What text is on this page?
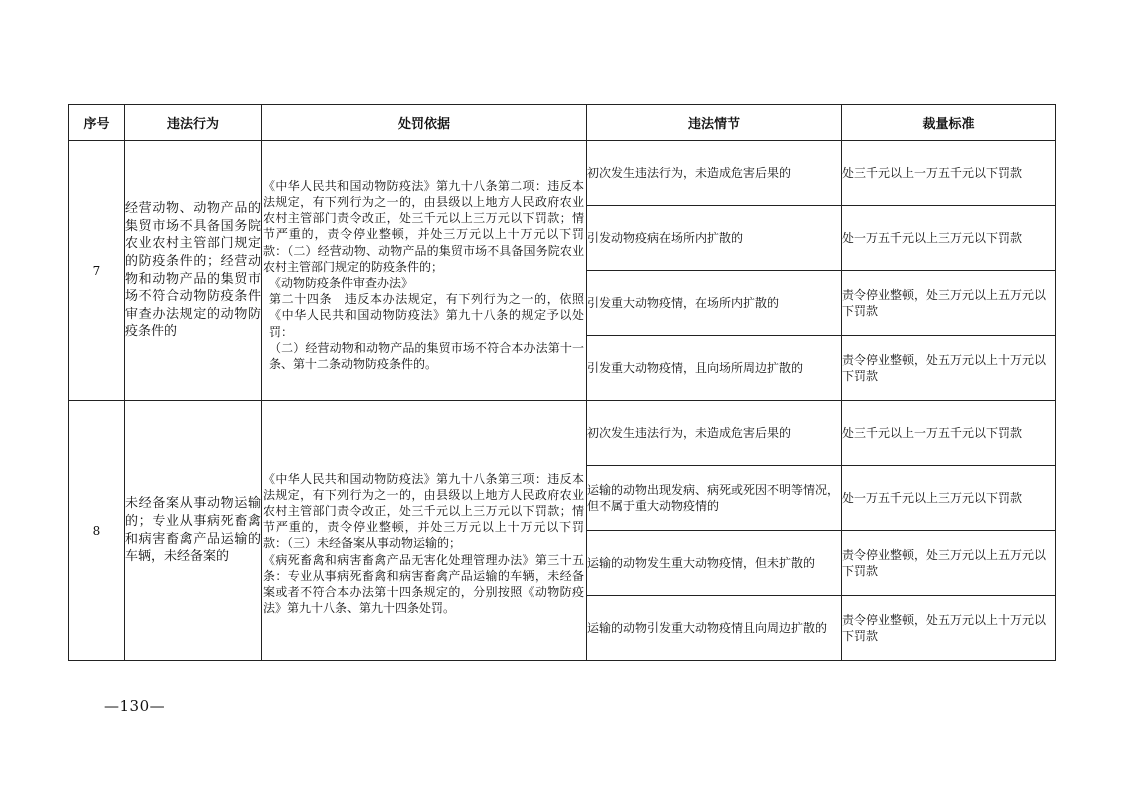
序号	违法行为	处罚依据	违法情节	裁量标准
7	经营动物、动物产品的集贸市场不具备国务院农业农村主管部门规定的防疫条件的；经营动物和动物产品的集贸市场不符合动物防疫条件审查办法规定的动物防疫条件的	《中华人民共和国动物防疫法》第九十八条第二项：违反本法规定，有下列行为之一的，由县级以上地方人民政府农业农村主管部门责令改正，处三千元以上三万元以下罚款；情节严重的，责令停业整顿，并处三万元以上十万元以下罚款：（二）经营动物、动物产品的集贸市场不具备国务院农业农村主管部门规定的防疫条件的；
《动物防疫条件审查办法》
第二十四条　违反本办法规定，有下列行为之一的，依照《中华人民共和国动物防疫法》第九十八条的规定予以处罚：
（二）经营动物和动物产品的集贸市场不符合本办法第十一条、第十二条动物防疫条件的。	初次发生违法行为，未造成危害后果的	处三千元以上一万五千元以下罚款
			引发动物疫病在场所内扩散的	处一万五千元以上三万元以下罚款
			引发重大动物疫情，在场所内扩散的	责令停业整顿，处三万元以上五万元以下罚款
			引发重大动物疫情，且向场所周边扩散的	责令停业整顿，处五万元以上十万元以下罚款
8	未经备案从事动物运输的；专业从事病死畜禽和病害畜禽产品运输的车辆，未经备案的	《中华人民共和国动物防疫法》第九十八条第三项：违反本法规定，有下列行为之一的，由县级以上地方人民政府农业农村主管部门责令改正，处三千元以上三万元以下罚款；情节严重的，责令停业整顿，并处三万元以上十万元以下罚款：（三）未经备案从事动物运输的；
《病死畜禽和病害畜禽产品无害化处理管理办法》第三十五条：专业从事病死畜禽和病害畜禽产品运输的车辆，未经备案或者不符合本办法第十四条规定的，分别按照《动物防疫法》第九十八条、第九十四条处罚。	初次发生违法行为，未造成危害后果的	处三千元以上一万五千元以下罚款
			运输的动物出现发病、病死或死因不明等情况，但不属于重大动物疫情的	处一万五千元以上三万元以下罚款
			运输的动物发生重大动物疫情，但未扩散的	责令停业整顿，处三万元以上五万元以下罚款
			运输的动物引发重大动物疫情且向周边扩散的	责令停业整顿，处五万元以上十万元以下罚款
—130—
